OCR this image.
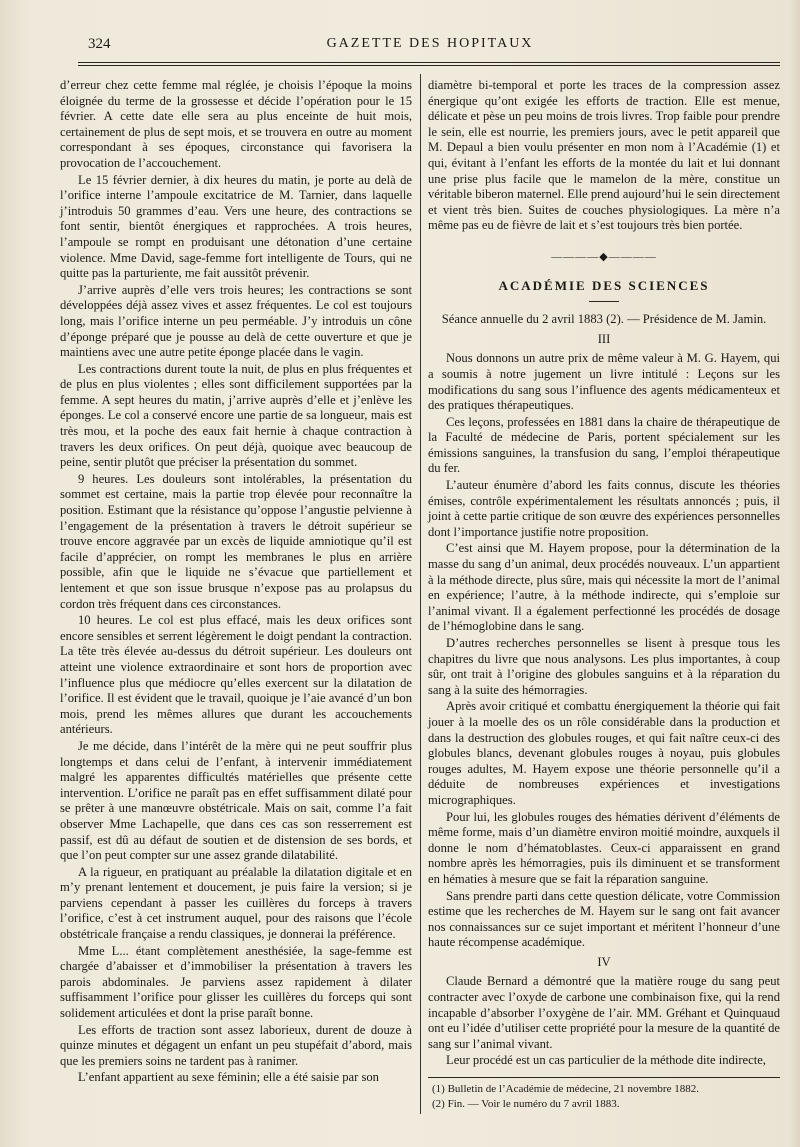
324	GAZETTE DES HOPITAUX

d’erreur chez cette femme mal réglée, je choisis l’époque la moins éloignée du terme de la grossesse et décide l’opération pour le 15 février. A cette date elle sera au plus enceinte de huit mois, certainement de plus de sept mois, et se trouvera en outre au moment correspondant à ses époques, circonstance qui favorisera la provocation de l’accouchement.

Le 15 février dernier, à dix heures du matin, je porte au delà de l’orifice interne l’ampoule excitatrice de M. Tarnier, dans laquelle j’introduis 50 grammes d’eau. Vers une heure, des contractions se font sentir, bientôt énergiques et rapprochées. A trois heures, l’ampoule se rompt en produisant une détonation d’une certaine violence. Mme David, sage-femme fort intelligente de Tours, qui ne quitte pas la parturiente, me fait aussitôt prévenir.

J’arrive auprès d’elle vers trois heures; les contractions se sont développées déjà assez vives et assez fréquentes. Le col est toujours long, mais l’orifice interne un peu perméable. J’y introduis un cône d’éponge préparé que je pousse au delà de cette ouverture et que je maintiens avec une autre petite éponge placée dans le vagin.

Les contractions durent toute la nuit, de plus en plus fréquentes et de plus en plus violentes ; elles sont difficilement supportées par la femme. A sept heures du matin, j’arrive auprès d’elle et j’enlève les éponges. Le col a conservé encore une partie de sa longueur, mais est très mou, et la poche des eaux fait hernie à chaque contraction à travers les deux orifices. On peut déjà, quoique avec beaucoup de peine, sentir plutôt que préciser la présentation du sommet.

9 heures. Les douleurs sont intolérables, la présentation du sommet est certaine, mais la partie trop élevée pour reconnaître la position. Estimant que la résistance qu’oppose l’angustie pelvienne à l’engagement de la présentation à travers le détroit supérieur se trouve encore aggravée par un excès de liquide amniotique qu’il est facile d’apprécier, on rompt les membranes le plus en arrière possible, afin que le liquide ne s’évacue que partiellement et lentement et que son issue brusque n’expose pas au prolapsus du cordon très fréquent dans ces circonstances.

10 heures. Le col est plus effacé, mais les deux orifices sont encore sensibles et serrent légèrement le doigt pendant la contraction. La tête très élevée au-dessus du détroit supérieur. Les douleurs ont atteint une violence extraordinaire et sont hors de proportion avec l’influence plus que médiocre qu’elles exercent sur la dilatation de l’orifice. Il est évident que le travail, quoique je l’aie avancé d’un bon mois, prend les mêmes allures que durant les accouchements antérieurs.

Je me décide, dans l’intérêt de la mère qui ne peut souffrir plus longtemps et dans celui de l’enfant, à intervenir immédiatement malgré les apparentes difficultés matérielles que présente cette intervention. L’orifice ne paraît pas en effet suffisamment dilaté pour se prêter à une manœuvre obstétricale. Mais on sait, comme l’a fait observer Mme Lachapelle, que dans ces cas son resserrement est passif, est dû au défaut de soutien et de distension de ses bords, et que l’on peut compter sur une assez grande dilatabilité.

A la rigueur, en pratiquant au préalable la dilatation digitale et en m’y prenant lentement et doucement, je puis faire la version; si je parviens cependant à passer les cuillères du forceps à travers l’orifice, c’est à cet instrument auquel, pour des raisons que l’école obstétricale française a rendu classiques, je donnerai la préférence.

Mme L... étant complètement anesthésiée, la sage-femme est chargée d’abaisser et d’immobiliser la présentation à travers les parois abdominales. Je parviens assez rapidement à dilater suffisamment l’orifice pour glisser les cuillères du forceps qui sont solidement articulées et dont la prise paraît bonne.

Les efforts de traction sont assez laborieux, durent de douze à quinze minutes et dégagent un enfant un peu stupéfait d’abord, mais que les premiers soins ne tardent pas à ranimer.

L’enfant appartient au sexe féminin; elle a été saisie par son

diamètre bi-temporal et porte les traces de la compression assez énergique qu’ont exigée les efforts de traction. Elle est menue, délicate et pèse un peu moins de trois livres. Trop faible pour prendre le sein, elle est nourrie, les premiers jours, avec le petit appareil que M. Depaul a bien voulu présenter en mon nom à l’Académie (1) et qui, évitant à l’enfant les efforts de la montée du lait et lui donnant une prise plus facile que le mamelon de la mère, constitue un véritable biberon maternel. Elle prend aujourd’hui le sein directement et vient très bien. Suites de couches physiologiques. La mère n’a même pas eu de fièvre de lait et s’est toujours très bien portée.

————◆————
ACADÉMIE DES SCIENCES

Séance annuelle du 2 avril 1883 (2). — Présidence de M. Jamin.

III

Nous donnons un autre prix de même valeur à M. G. Hayem, qui a soumis à notre jugement un livre intitulé : Leçons sur les modifications du sang sous l’influence des agents médicamenteux et des pratiques thérapeutiques.

Ces leçons, professées en 1881 dans la chaire de thérapeutique de la Faculté de médecine de Paris, portent spécialement sur les émissions sanguines, la transfusion du sang, l’emploi thérapeutique du fer.

L’auteur énumère d’abord les faits connus, discute les théories émises, contrôle expérimentalement les résultats annoncés ; puis, il joint à cette partie critique de son œuvre des expériences personnelles dont l’importance justifie notre proposition.

C’est ainsi que M. Hayem propose, pour la détermination de la masse du sang d’un animal, deux procédés nouveaux. L’un appartient à la méthode directe, plus sûre, mais qui nécessite la mort de l’animal en expérience; l’autre, à la méthode indirecte, qui s’emploie sur l’animal vivant. Il a également perfectionné les procédés de dosage de l’hémoglobine dans le sang.

D’autres recherches personnelles se lisent à presque tous les chapitres du livre que nous analysons. Les plus importantes, à coup sûr, ont trait à l’origine des globules sanguins et à la réparation du sang à la suite des hémorragies.

Après avoir critiqué et combattu énergiquement la théorie qui fait jouer à la moelle des os un rôle considérable dans la production et dans la destruction des globules rouges, et qui fait naître ceux-ci des globules blancs, devenant globules rouges à noyau, puis globules rouges adultes, M. Hayem expose une théorie personnelle qu’il a déduite de nombreuses expériences et investigations micrographiques.

Pour lui, les globules rouges des hématies dérivent d’éléments de même forme, mais d’un diamètre environ moitié moindre, auxquels il donne le nom d’hématoblastes. Ceux-ci apparaissent en grand nombre après les hémorragies, puis ils diminuent et se transforment en hématies à mesure que se fait la réparation sanguine.

Sans prendre parti dans cette question délicate, votre Commission estime que les recherches de M. Hayem sur le sang ont fait avancer nos connaissances sur ce sujet important et méritent l’honneur d’une haute récompense académique.

IV

Claude Bernard a démontré que la matière rouge du sang peut contracter avec l’oxyde de carbone une combinaison fixe, qui la rend incapable d’absorber l’oxygène de l’air. MM. Gréhant et Quinquaud ont eu l’idée d’utiliser cette propriété pour la mesure de la quantité de sang sur l’animal vivant.

Leur procédé est un cas particulier de la méthode dite indirecte,

(1) Bulletin de l’Académie de médecine, 21 novembre 1882.

(2) Fin. — Voir le numéro du 7 avril 1883.
